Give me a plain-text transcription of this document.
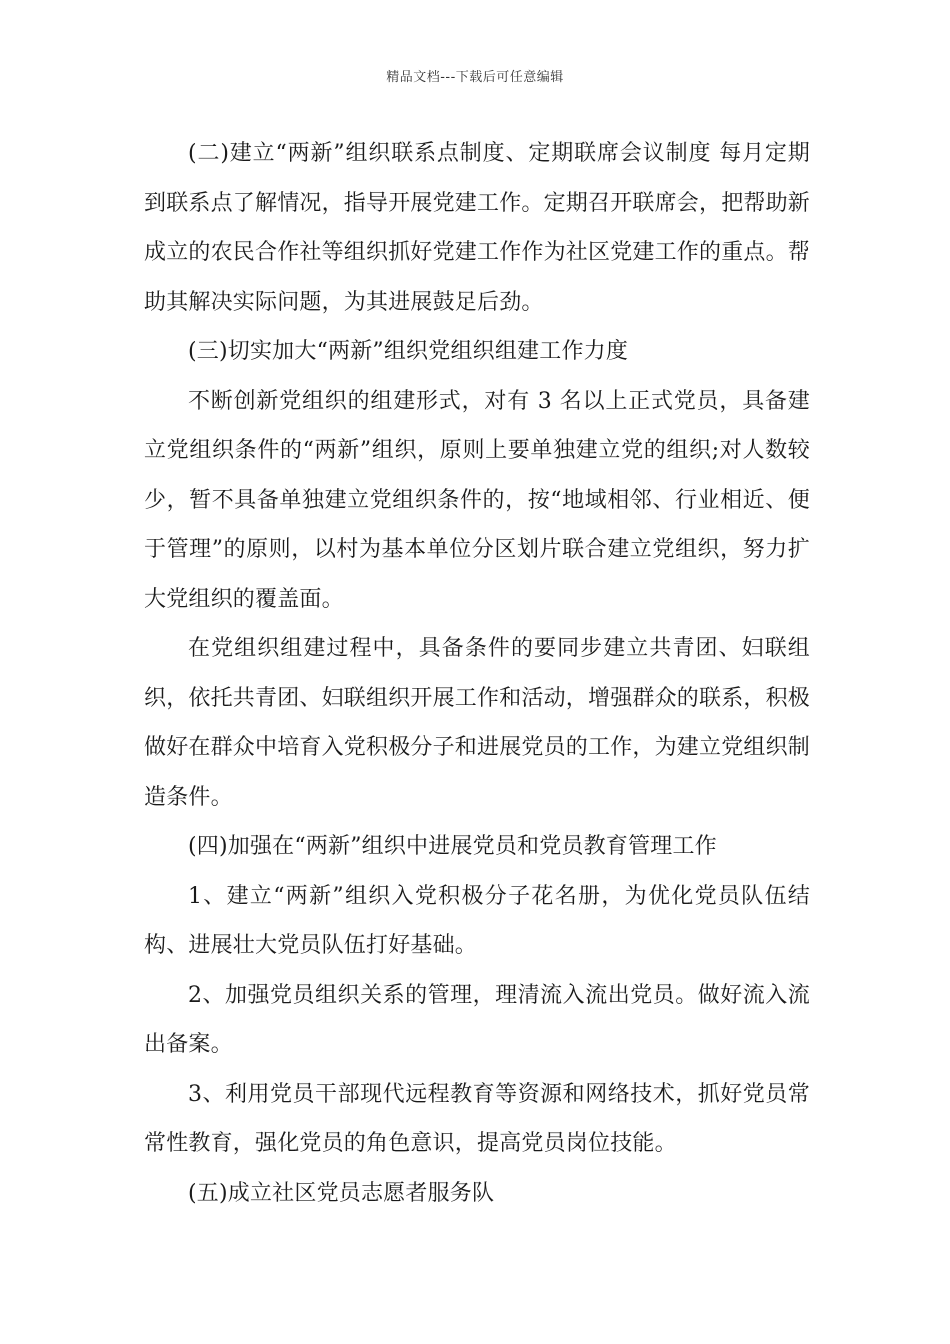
精品文档---下载后可任意编辑

(二)建立“两新”组织联系点制度、定期联席会议制度 每月定期到联系点了解情况，指导开展党建工作。定期召开联席会，把帮助新成立的农民合作社等组织抓好党建工作作为社区党建工作的重点。帮助其解决实际问题，为其进展鼓足后劲。

(三)切实加大“两新”组织党组织组建工作力度

不断创新党组织的组建形式，对有 3 名以上正式党员，具备建立党组织条件的“两新”组织，原则上要单独建立党的组织;对人数较少，暂不具备单独建立党组织条件的，按“地域相邻、行业相近、便于管理”的原则，以村为基本单位分区划片联合建立党组织，努力扩大党组织的覆盖面。

在党组织组建过程中，具备条件的要同步建立共青团、妇联组织，依托共青团、妇联组织开展工作和活动，增强群众的联系，积极做好在群众中培育入党积极分子和进展党员的工作，为建立党组织制造条件。

(四)加强在“两新”组织中进展党员和党员教育管理工作

1、建立“两新”组织入党积极分子花名册，为优化党员队伍结构、进展壮大党员队伍打好基础。

2、加强党员组织关系的管理，理清流入流出党员。做好流入流出备案。

3、利用党员干部现代远程教育等资源和网络技术，抓好党员常常性教育，强化党员的角色意识，提高党员岗位技能。

(五)成立社区党员志愿者服务队
